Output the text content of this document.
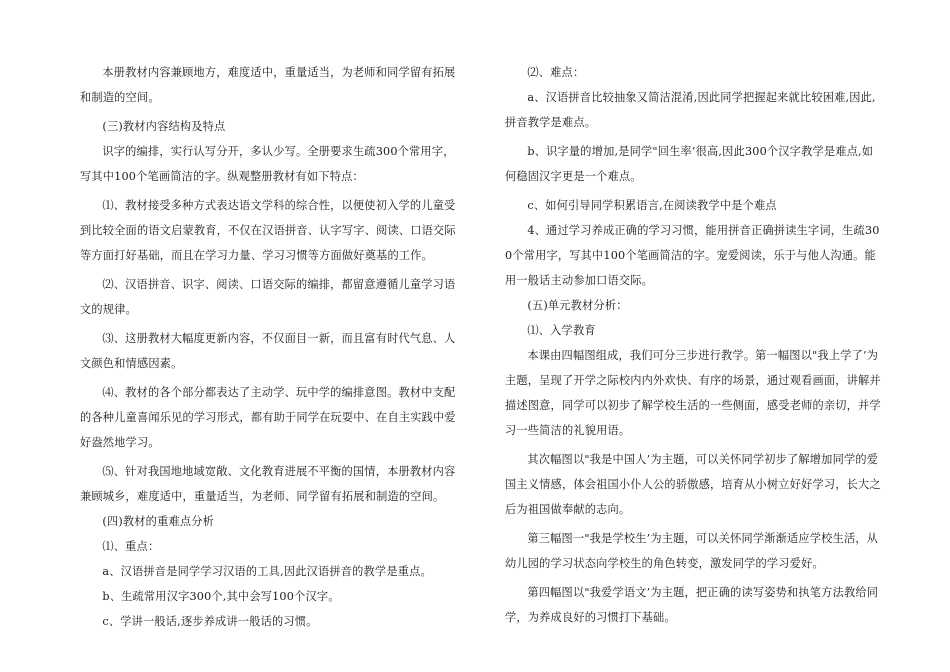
本册教材内容兼顾地方，难度适中，重量适当，为老师和同学留有拓展和制造的空间。

(三)教材内容结构及特点

识字的编排，实行认写分开，多认少写。全册要求生疏300个常用字，写其中100个笔画简洁的字。纵观整册教材有如下特点：

⑴、教材接受多种方式表达语文学科的综合性，以便使初入学的儿童受到比较全面的语文启蒙教育，不仅在汉语拼音、认字写字、阅读、口语交际等方面打好基础，而且在学习力量、学习习惯等方面做好奠基的工作。

⑵、汉语拼音、识字、阅读、口语交际的编排，都留意遵循儿童学习语文的规律。

⑶、这册教材大幅度更新内容，不仅面目一新，而且富有时代气息、人文颜色和情感因素。

⑷、教材的各个部分都表达了主动学、玩中学的编排意图。教材中支配的各种儿童喜闻乐见的学习形式，都有助于同学在玩耍中、在自主实践中爱好盎然地学习。

⑸、针对我国地地域宽敞、文化教育进展不平衡的国情，本册教材内容兼顾城乡，难度适中，重量适当，为老师、同学留有拓展和制造的空间。

(四)教材的重难点分析

⑴、重点：

a、汉语拼音是同学学习汉语的工具,因此汉语拼音的教学是重点。

b、生疏常用汉字300个,其中会写100个汉字。

c、学讲一般话,逐步养成讲一般话的习惯。

⑵、难点：

a、汉语拼音比较抽象又简洁混淆,因此同学把握起来就比较困难,因此,拼音教学是难点。

b、识字量的增加,是同学"回生率’很高,因此300个汉字教学是难点,如何稳固汉字更是一个难点。

c、如何引导同学积累语言,在阅读教学中是个难点

4、通过学习养成正确的学习习惯，能用拼音正确拼读生字词，生疏300个常用字，写其中100个笔画简洁的字。宠爱阅读，乐于与他人沟通。能用一般话主动参加口语交际。

(五)单元教材分析：

⑴、入学教育

本课由四幅图组成，我们可分三步进行教学。第一幅图以"我上学了’为主题，呈现了开学之际校内内外欢快、有序的场景，通过观看画面，讲解并描述图意，同学可以初步了解学校生活的一些侧面，感受老师的亲切，并学习一些简洁的礼貌用语。

其次幅图以"我是中国人’为主题，可以关怀同学初步了解增加同学的爱国主义情感，体会祖国小仆人公的骄傲感，培育从小树立好好学习，长大之后为祖国做奉献的志向。

第三幅图一"我是学校生’为主题，可以关怀同学渐渐适应学校生活，从幼儿园的学习状态向学校生的角色转变，激发同学的学习爱好。

第四幅图以"我爱学语文’为主题，把正确的读写姿势和执笔方法教给同学，为养成良好的习惯打下基础。
